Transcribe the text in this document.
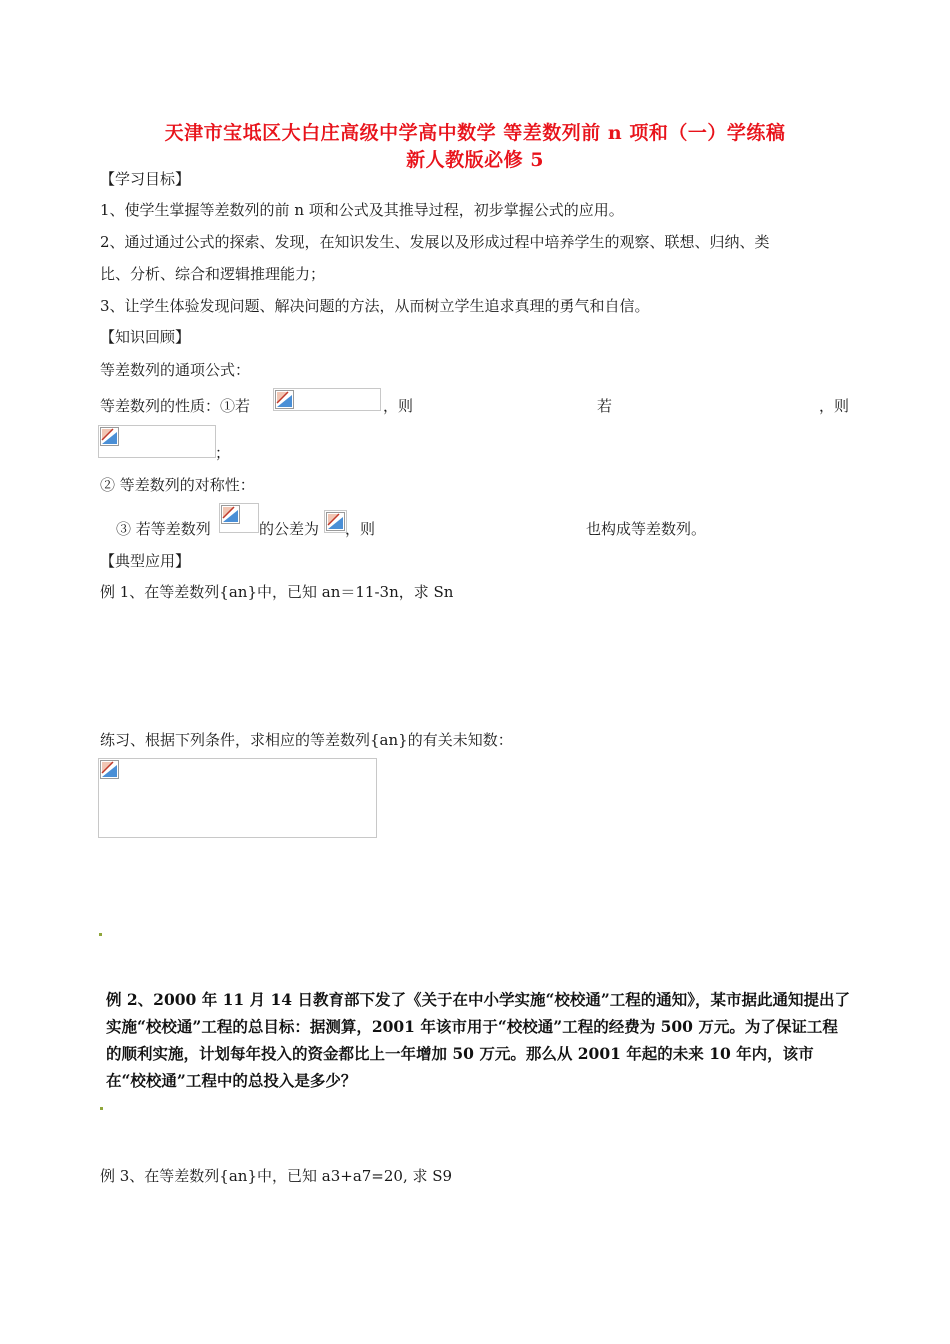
天津市宝坻区大白庄高级中学高中数学 等差数列前 n 项和（一）学练稿
新人教版必修 5
【学习目标】
1、使学生掌握等差数列的前 n 项和公式及其推导过程，初步掌握公式的应用。
2、通过通过公式的探索、发现，在知识发生、发展以及形成过程中培养学生的观察、联想、归纳、类
比、分析、综合和逻辑推理能力；
3、让学生体验发现问题、解决问题的方法，从而树立学生追求真理的勇气和自信。
【知识回顾】
等差数列的通项公式：
等差数列的性质：①若	，则	若	，则
；
② 等差数列的对称性：
③ 若等差数列	的公差为 ，则	也构成等差数列。
【典型应用】
例 1、在等差数列{an}中，已知 an＝11-3n，求 Sn
练习、根据下列条件，求相应的等差数列{an}的有关未知数：
例 2、2000 年 11 月 14 日教育部下发了《关于在中小学实施“校校通”工程的通知》，某市据此通知提出了实施“校校通”工程的总目标：据测算，2001 年该市用于“校校通”工程的经费为 500 万元。为了保证工程的顺利实施，计划每年投入的资金都比上一年增加 50 万元。那么从 2001 年起的未来 10 年内，该市在“校校通”工程中的总投入是多少？
例 3、在等差数列{an}中，已知 a3+a7=20, 求 S9
